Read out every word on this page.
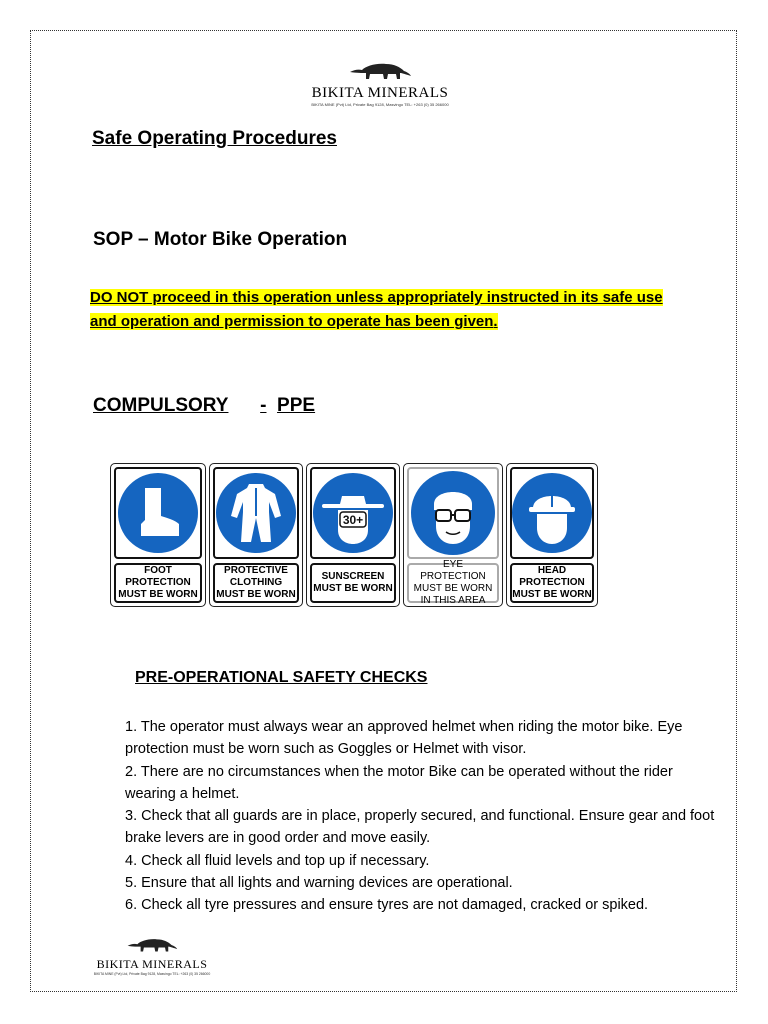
BIKITA MINERALS
BIKITA MINE (Pvt) Ltd, Private Bag 9128, Masvingo TEL: +263 (0) 35 266000
Safe Operating Procedures
SOP – Motor Bike Operation

DO NOT proceed in this operation unless appropriately instructed in its safe use and operation and permission to operate has been given.

COMPULSORY - PPE
FOOT
PROTECTION
MUST BE WORN
PROTECTIVE
CLOTHING
MUST BE WORN
30+
SUNSCREEN
MUST BE WORN
EYE PROTECTION
MUST BE WORN
IN THIS AREA
HEAD
PROTECTION
MUST BE WORN
PRE-OPERATIONAL SAFETY CHECKS
1. The operator must always wear an approved helmet when riding the motor bike. Eye protection must be worn such as Goggles or Helmet with visor.
2. There are no circumstances when the motor Bike can be operated without the rider wearing a helmet.
3. Check that all guards are in place, properly secured, and functional. Ensure gear and foot brake levers are in good order and move easily.
4. Check all fluid levels and top up if necessary.
5. Ensure that all lights and warning devices are operational.
6. Check all tyre pressures and ensure tyres are not damaged, cracked or spiked.
BIKITA MINERALS
BIKITA MINE (Pvt) Ltd, Private Bag 9128, Masvingo TEL: +263 (0) 35 266000
